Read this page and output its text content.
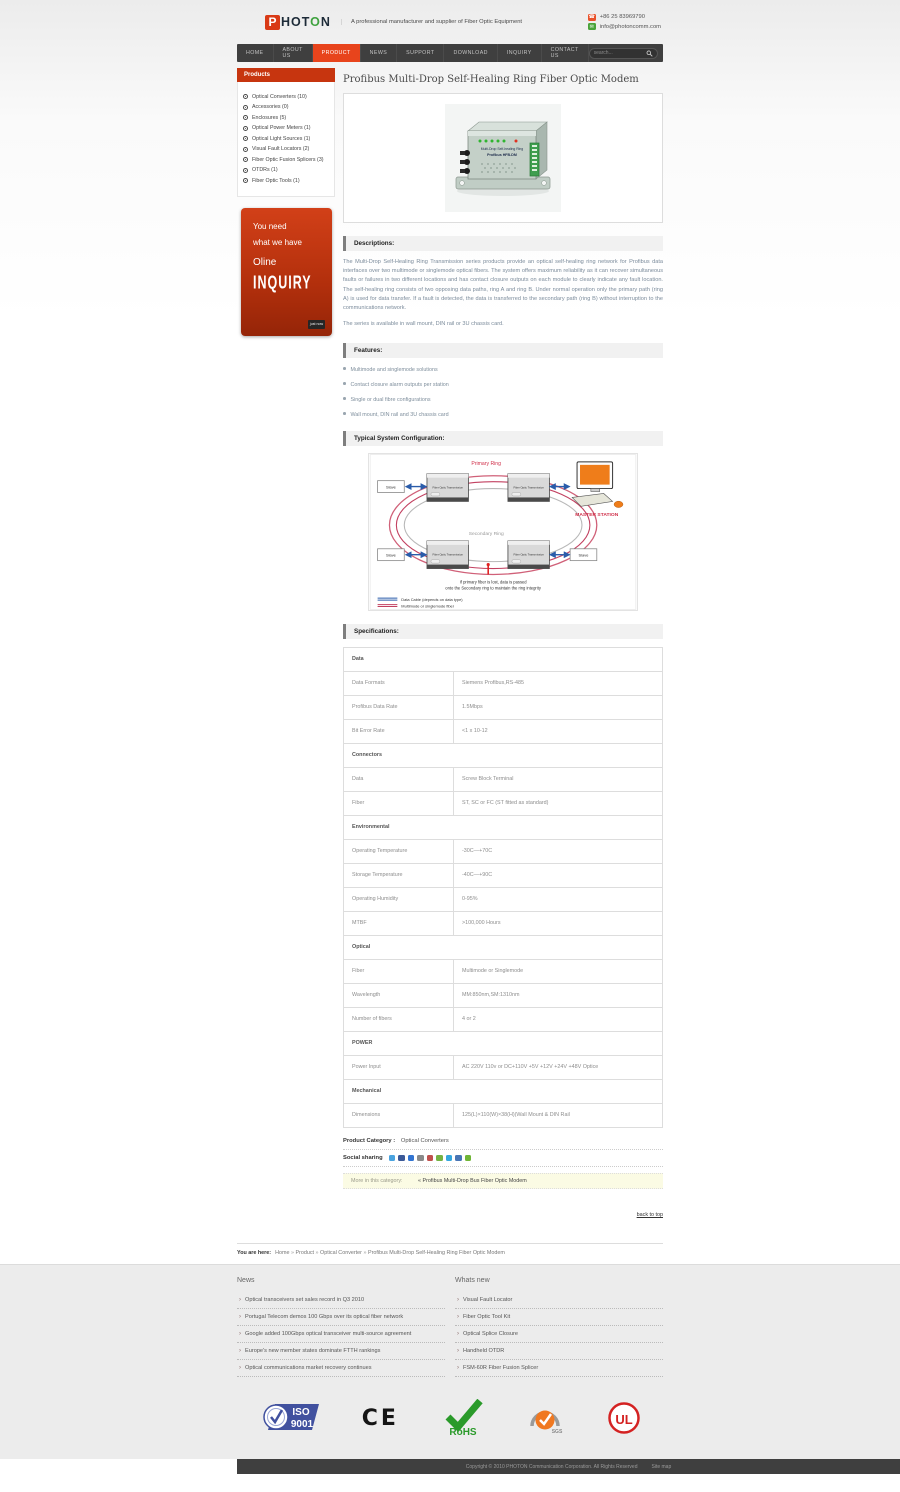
P HOTON	A professional manufacturer and supplier of Fiber Optic Equipment
☎ +86 25 83969790
✉	info@photoncomm.com
HOME	ABOUT US	PRODUCT	NEWS	SUPPORT	DOWNLOAD	INQUIRY	CONTACT US
search...
Products
Optical Converters (10)
Accessories (0)
Enclosures (5)
Optical Power Meters (1)
Optical Light Sources (1)
Visual Fault Locators (2)
Fiber Optic Fusion Splicers (3)
OTDRs (1)
Fiber Optic Tools (1)
You need
what we have
Oline
INQUIRY
just now
Profibus Multi-Drop Self-Healing Ring Fiber Optic Modem
Multi-Drop Self-healing Ring
Profibus HFB-DM
Descriptions:

The Multi-Drop Self-Healing Ring Transmission series products provide an optical self-healing ring network for Profibus data interfaces over two multimode or singlemode optical fibers. The system offers maximum reliability as it can recover simultaneous faults or failures in two different locations and has contact closure outputs on each module to clearly indicate any fault location. The self-healing ring consists of two opposing data paths, ring A and ring B. Under normal operation only the primary path (ring A) is used for data transfer. If a fault is detected, the data is transferred to the secondary path (ring B) without interruption to the communications network.

The series is available in wall mount, DIN rail or 3U chassis card.

Features:
Multimode and singlemode solutions
Contact closure alarm outputs per station
Single or dual fibre configurations
Wall mount, DIN rail and 3U chassis card
Typical System Configuration:
Primary Ring
Secondary Ring
Fiber Optic Transmission	Fiber Optic Transmission
Fiber Optic Transmission	Fiber Optic Transmission
Slave
Slave	Slave
MASTER STATION
If primary fiber is lost, data is passed
onto the Secondary ring to maintain the ring integrity
Data Cable (depends on data type)
Multimode or singlemode fiber
Specifications:
Data	
Data Formats	Siemens Profibus,RS-485
Profibus Data Rate	1.5Mbps
Bit Error Rate	<1 x 10-12
Connectors	
Data	Screw Block Terminal
Fiber	ST, SC or FC (ST fitted as standard)
Environmental	
Operating Temperature	-30C—+70C
Storage Temperature	-40C—+90C
Operating Humidity	0-95%
MTBF	>100,000 Hours
Optical	
Fiber	Multimode or Singlemode
Wavelength	MM:850nm,SM:1310nm
Number of fibers	4 or 2
POWER	
Power Input	AC 220V 110v or DC+110V +5V +12V +24V +48V Optice
Mechanical	
Dimensions	125(L)×110(W)×38(H)(Wall Mount & DIN Rail
Product Category : Optical Converters
Social sharing
More in this category:	« Profibus Multi-Drop Bus Fiber Optic Modem
back to top
You are here: Home » Product » Optical Converter » Profibus Multi-Drop Self-Healing Ring Fiber Optic Modem
News
› Optical transceivers set sales record in Q3 2010
› Portugal Telecom demos 100 Gbps over its optical fiber network
› Google added 100Gbps optical transceiver multi-source agreement
› Europe's new member states dominate FTTH rankings
› Optical communications market recovery continues
Whats new
› Visual Fault Locator
› Fiber Optic Tool Kit
› Optical Splice Closure
› Handheld OTDR
› FSM-60R Fiber Fusion Splicer
ISO
9001 CE
RoHS	SGS
UL
Copyright © 2010 PHOTON Communication Corporation. All Rights Reserved	Site map
